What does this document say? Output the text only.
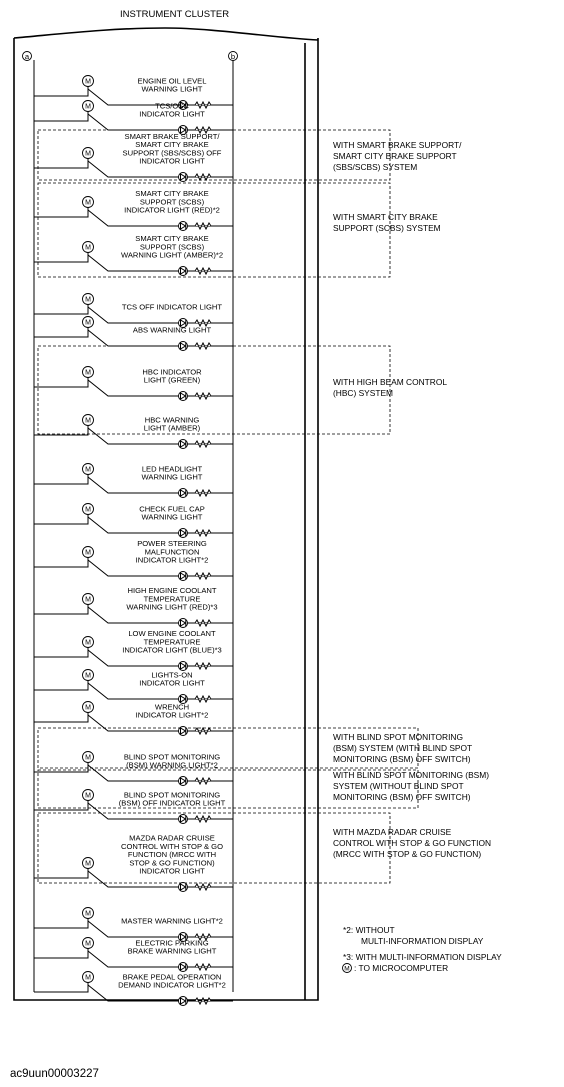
INSTRUMENT CLUSTER
a	b
WITH SMART BRAKE SUPPORT/
SMART CITY BRAKE SUPPORT
(SBS/SCBS) SYSTEM
WITH SMART CITY BRAKE
SUPPORT (SCBS) SYSTEM
WITH HIGH BEAM CONTROL
(HBC) SYSTEM
WITH BLIND SPOT MONITORING
(BSM) SYSTEM (WITH BLIND SPOT
MONITORING (BSM) OFF SWITCH)
WITH BLIND SPOT MONITORING (BSM)
SYSTEM (WITHOUT BLIND SPOT
MONITORING (BSM) OFF SWITCH)
WITH MAZDA RADAR CRUISE
CONTROL WITH STOP & GO FUNCTION
(MRCC WITH STOP & GO FUNCTION)
M	ENGINE OIL LEVEL
WARNING LIGHT
M	TCS/OSC
INDICATOR LIGHT
M
SMART BRAKE SUPPORT/
SMART CITY BRAKE
SUPPORT (SBS/SCBS) OFF
INDICATOR LIGHT
M
SMART CITY BRAKE
SUPPORT (SCBS)
INDICATOR LIGHT (RED)*2
M
SMART CITY BRAKE
SUPPORT (SCBS)
WARNING LIGHT (AMBER)*2
M
TCS OFF INDICATOR LIGHT
M
ABS WARNING LIGHT
M	HBC INDICATOR
LIGHT (GREEN)
M	HBC WARNING
LIGHT (AMBER)
M	LED HEADLIGHT
WARNING LIGHT
M	CHECK FUEL CAP
WARNING LIGHT
M
POWER STEERING
MALFUNCTION
INDICATOR LIGHT*2
M
HIGH ENGINE COOLANT
TEMPERATURE
WARNING LIGHT (RED)*3
M
LOW ENGINE COOLANT
TEMPERATURE
INDICATOR LIGHT (BLUE)*3
M	LIGHTS-ON
INDICATOR LIGHT
M	WRENCH
INDICATOR LIGHT*2
M	BLIND SPOT MONITORING
(BSM) WARNING LIGHT*2
M	BLIND SPOT MONITORING
(BSM) OFF INDICATOR LIGHT
M
MAZDA RADAR CRUISE
CONTROL WITH STOP & GO
FUNCTION (MRCC WITH
STOP & GO FUNCTION)
INDICATOR LIGHT
M
MASTER WARNING LIGHT*2
M	ELECTRIC PARKING
BRAKE WARNING LIGHT
M	BRAKE PEDAL OPERATION
DEMAND INDICATOR LIGHT*2
*2: WITHOUT
MULTI-INFORMATION DISPLAY
*3: WITH MULTI-INFORMATION DISPLAY
M : TO MICROCOMPUTER
ac9uun00003227
